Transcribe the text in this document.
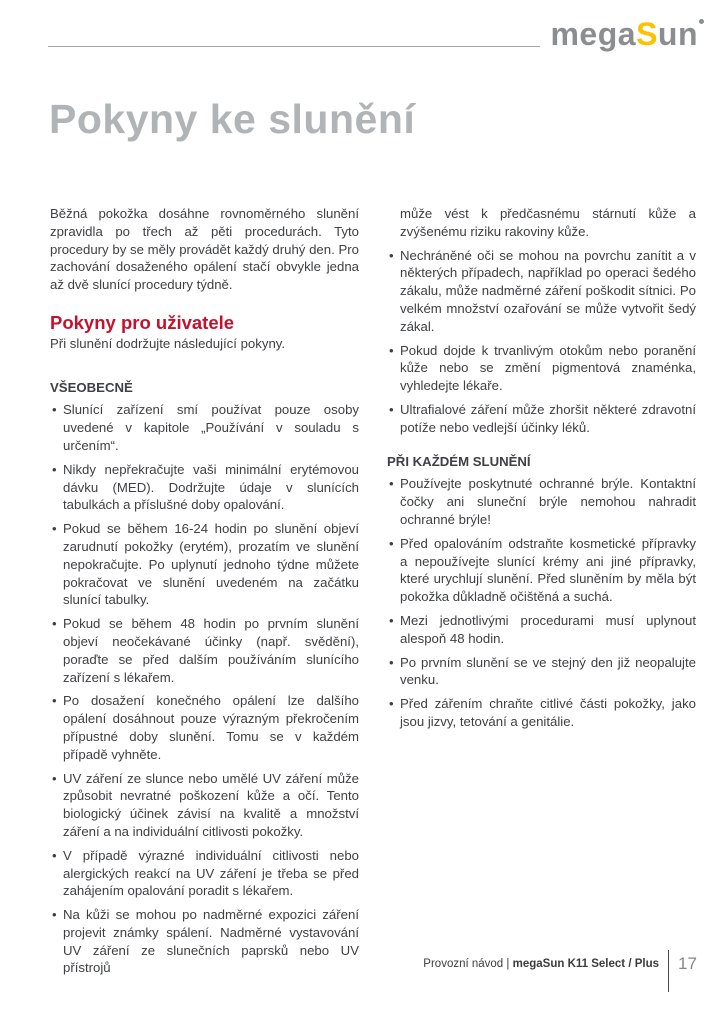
megaSun
Pokyny ke slunění

Běžná pokožka dosáhne rovnoměrného slunění zpravidla po třech až pěti procedurách. Tyto procedury by se měly provádět každý druhý den. Pro zachování dosaženého opálení stačí obvykle jedna až dvě slunící procedury týdně.

Pokyny pro uživatele

Při slunění dodržujte následující pokyny.

VŠEOBECNĚ
• Slunící zařízení smí používat pouze osoby uvedené v kapitole „Používání v souladu s určením“.
• Nikdy nepřekračujte vaši minimální erytémovou dávku (MED). Dodržujte údaje v slunících tabulkách a příslušné doby opalování.
• Pokud se během 16-24 hodin po slunění objeví zarudnutí pokožky (erytém), prozatím ve slunění nepokračujte. Po uplynutí jednoho týdne můžete pokračovat ve slunění uvedeném na začátku slunící tabulky.
• Pokud se během 48 hodin po prvním slunění objeví neočekávané účinky (např. svědění), poraďte se před dalším používáním slunícího zařízení s lékařem.
• Po dosažení konečného opálení lze dalšího opálení dosáhnout pouze výrazným překročením přípustné doby slunění. Tomu se v každém případě vyhněte.
• UV záření ze slunce nebo umělé UV záření může způsobit nevratné poškození kůže a očí. Tento biologický účinek závisí na kvalitě a množství záření a na individuální citlivosti pokožky.
• V případě výrazné individuální citlivosti nebo alergických reakcí na UV záření je třeba se před zahájením opalování poradit s lékařem.
• Na kůži se mohou po nadměrné expozici záření projevit známky spálení. Nadměrné vystavování UV záření ze slunečních paprsků nebo UV přístrojů

může vést k předčasnému stárnutí kůže a zvýšenému riziku rakoviny kůže.

• Nechráněné oči se mohou na povrchu zanítit a v některých případech, například po operaci šedého zákalu, může nadměrné záření poškodit sítnici. Po velkém množství ozařování se může vytvořit šedý zákal.
• Pokud dojde k trvanlivým otokům nebo poranění kůže nebo se změní pigmentová znaménka, vyhledejte lékaře.
• Ultrafialové záření může zhoršit některé zdravotní potíže nebo vedlejší účinky léků.
PŘI KAŽDÉM SLUNĚNÍ
• Používejte poskytnuté ochranné brýle. Kontaktní čočky ani sluneční brýle nemohou nahradit ochranné brýle!
• Před opalováním odstraňte kosmetické přípravky a nepoužívejte slunící krémy ani jiné přípravky, které urychlují slunění. Před sluněním by měla být pokožka důkladně očištěná a suchá.
• Mezi jednotlivými procedurami musí uplynout alespoň 48 hodin.
• Po prvním slunění se ve stejný den již neopalujte venku.
• Před zářením chraňte citlivé části pokožky, jako jsou jizvy, tetování a genitálie.
Provozní návod | megaSun K11 Select / Plus	17
